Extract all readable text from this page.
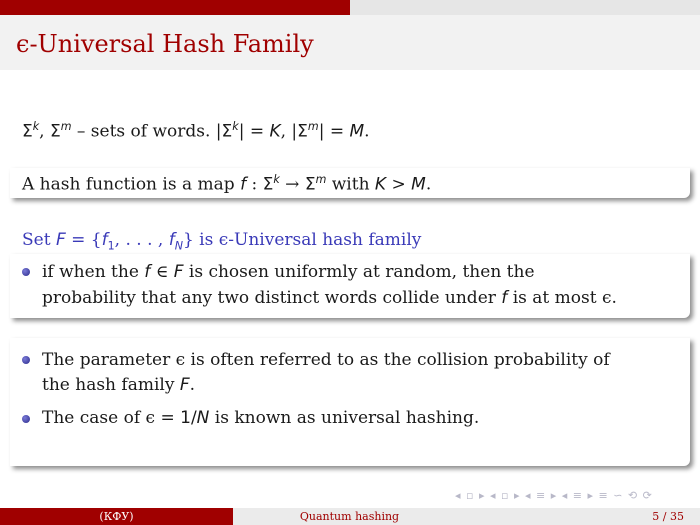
ϵ-Universal Hash Family
$\Sigma^k$, $\Sigma^m$ – sets of words. $|\Sigma^k| = K$, $|\Sigma^m| = M$.
A hash function is a map f : $\Sigma^k \to \Sigma^m$ with K > M.
Set $F = \{f_1$, . . . , $f_N$} is ϵ-Universal hash family
if when the f ∈ F is chosen uniformly at random, then the
probability that any two distinct words collide under f is at most ϵ.
The parameter ϵ is often referred to as the collision probability of
the hash family F.
The case of ϵ = 1/N is known as universal hashing.
◂ ▫ ▸ ◂ ▫ ▸ ◂ ≡ ▸ ◂ ≡ ▸ ≡ ∽ ⟲ ⟳
(КФУ)	Quantum hashing	5 / 35
